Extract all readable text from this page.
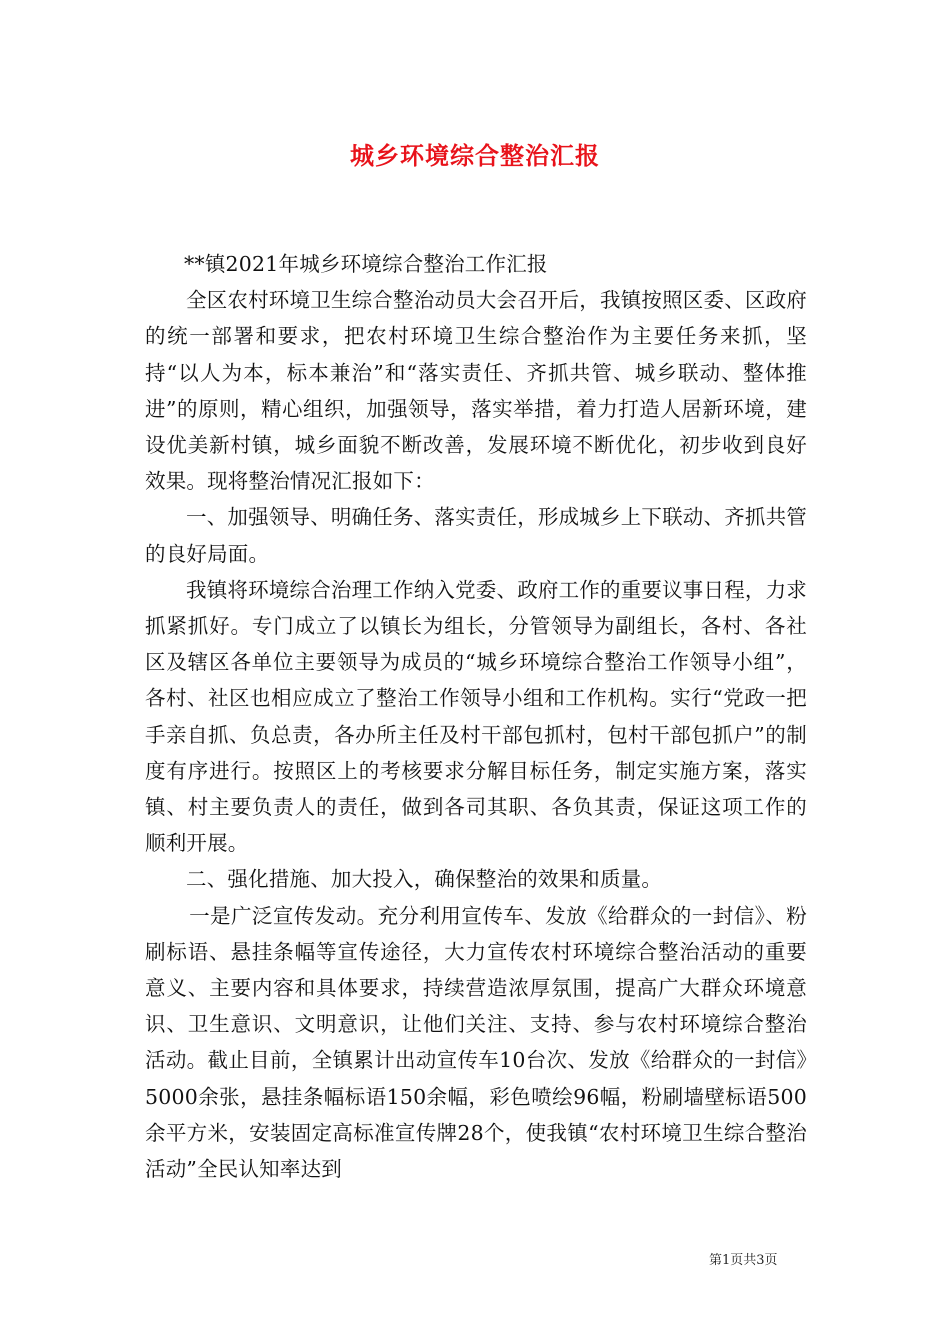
城乡环境综合整治汇报

**镇2021年城乡环境综合整治工作汇报

全区农村环境卫生综合整治动员大会召开后，我镇按照区委、区政府的统一部署和要求，把农村环境卫生综合整治作为主要任务来抓，坚持“以人为本，标本兼治”和“落实责任、齐抓共管、城乡联动、整体推进”的原则，精心组织，加强领导，落实举措，着力打造人居新环境，建设优美新村镇，城乡面貌不断改善，发展环境不断优化，初步收到良好效果。现将整治情况汇报如下：

一、加强领导、明确任务、落实责任，形成城乡上下联动、齐抓共管的良好局面。

我镇将环境综合治理工作纳入党委、政府工作的重要议事日程，力求抓紧抓好。专门成立了以镇长为组长，分管领导为副组长，各村、各社区及辖区各单位主要领导为成员的“城乡环境综合整治工作领导小组”，各村、社区也相应成立了整治工作领导小组和工作机构。实行“党政一把手亲自抓、负总责，各办所主任及村干部包抓村，包村干部包抓户”的制度有序进行。按照区上的考核要求分解目标任务，制定实施方案，落实镇、村主要负责人的责任，做到各司其职、各负其责，保证这项工作的顺利开展。

二、强化措施、加大投入，确保整治的效果和质量。

一是广泛宣传发动。充分利用宣传车、发放《给群众的一封信》、粉刷标语、悬挂条幅等宣传途径，大力宣传农村环境综合整治活动的重要意义、主要内容和具体要求，持续营造浓厚氛围，提高广大群众环境意识、卫生意识、文明意识，让他们关注、支持、参与农村环境综合整治活动。截止目前，全镇累计出动宣传车10台次、发放《给群众的一封信》5000余张，悬挂条幅标语150余幅，彩色喷绘96幅，粉刷墙壁标语500余平方米，安装固定高标准宣传牌28个，使我镇“农村环境卫生综合整治活动”全民认知率达到

第1页共3页
